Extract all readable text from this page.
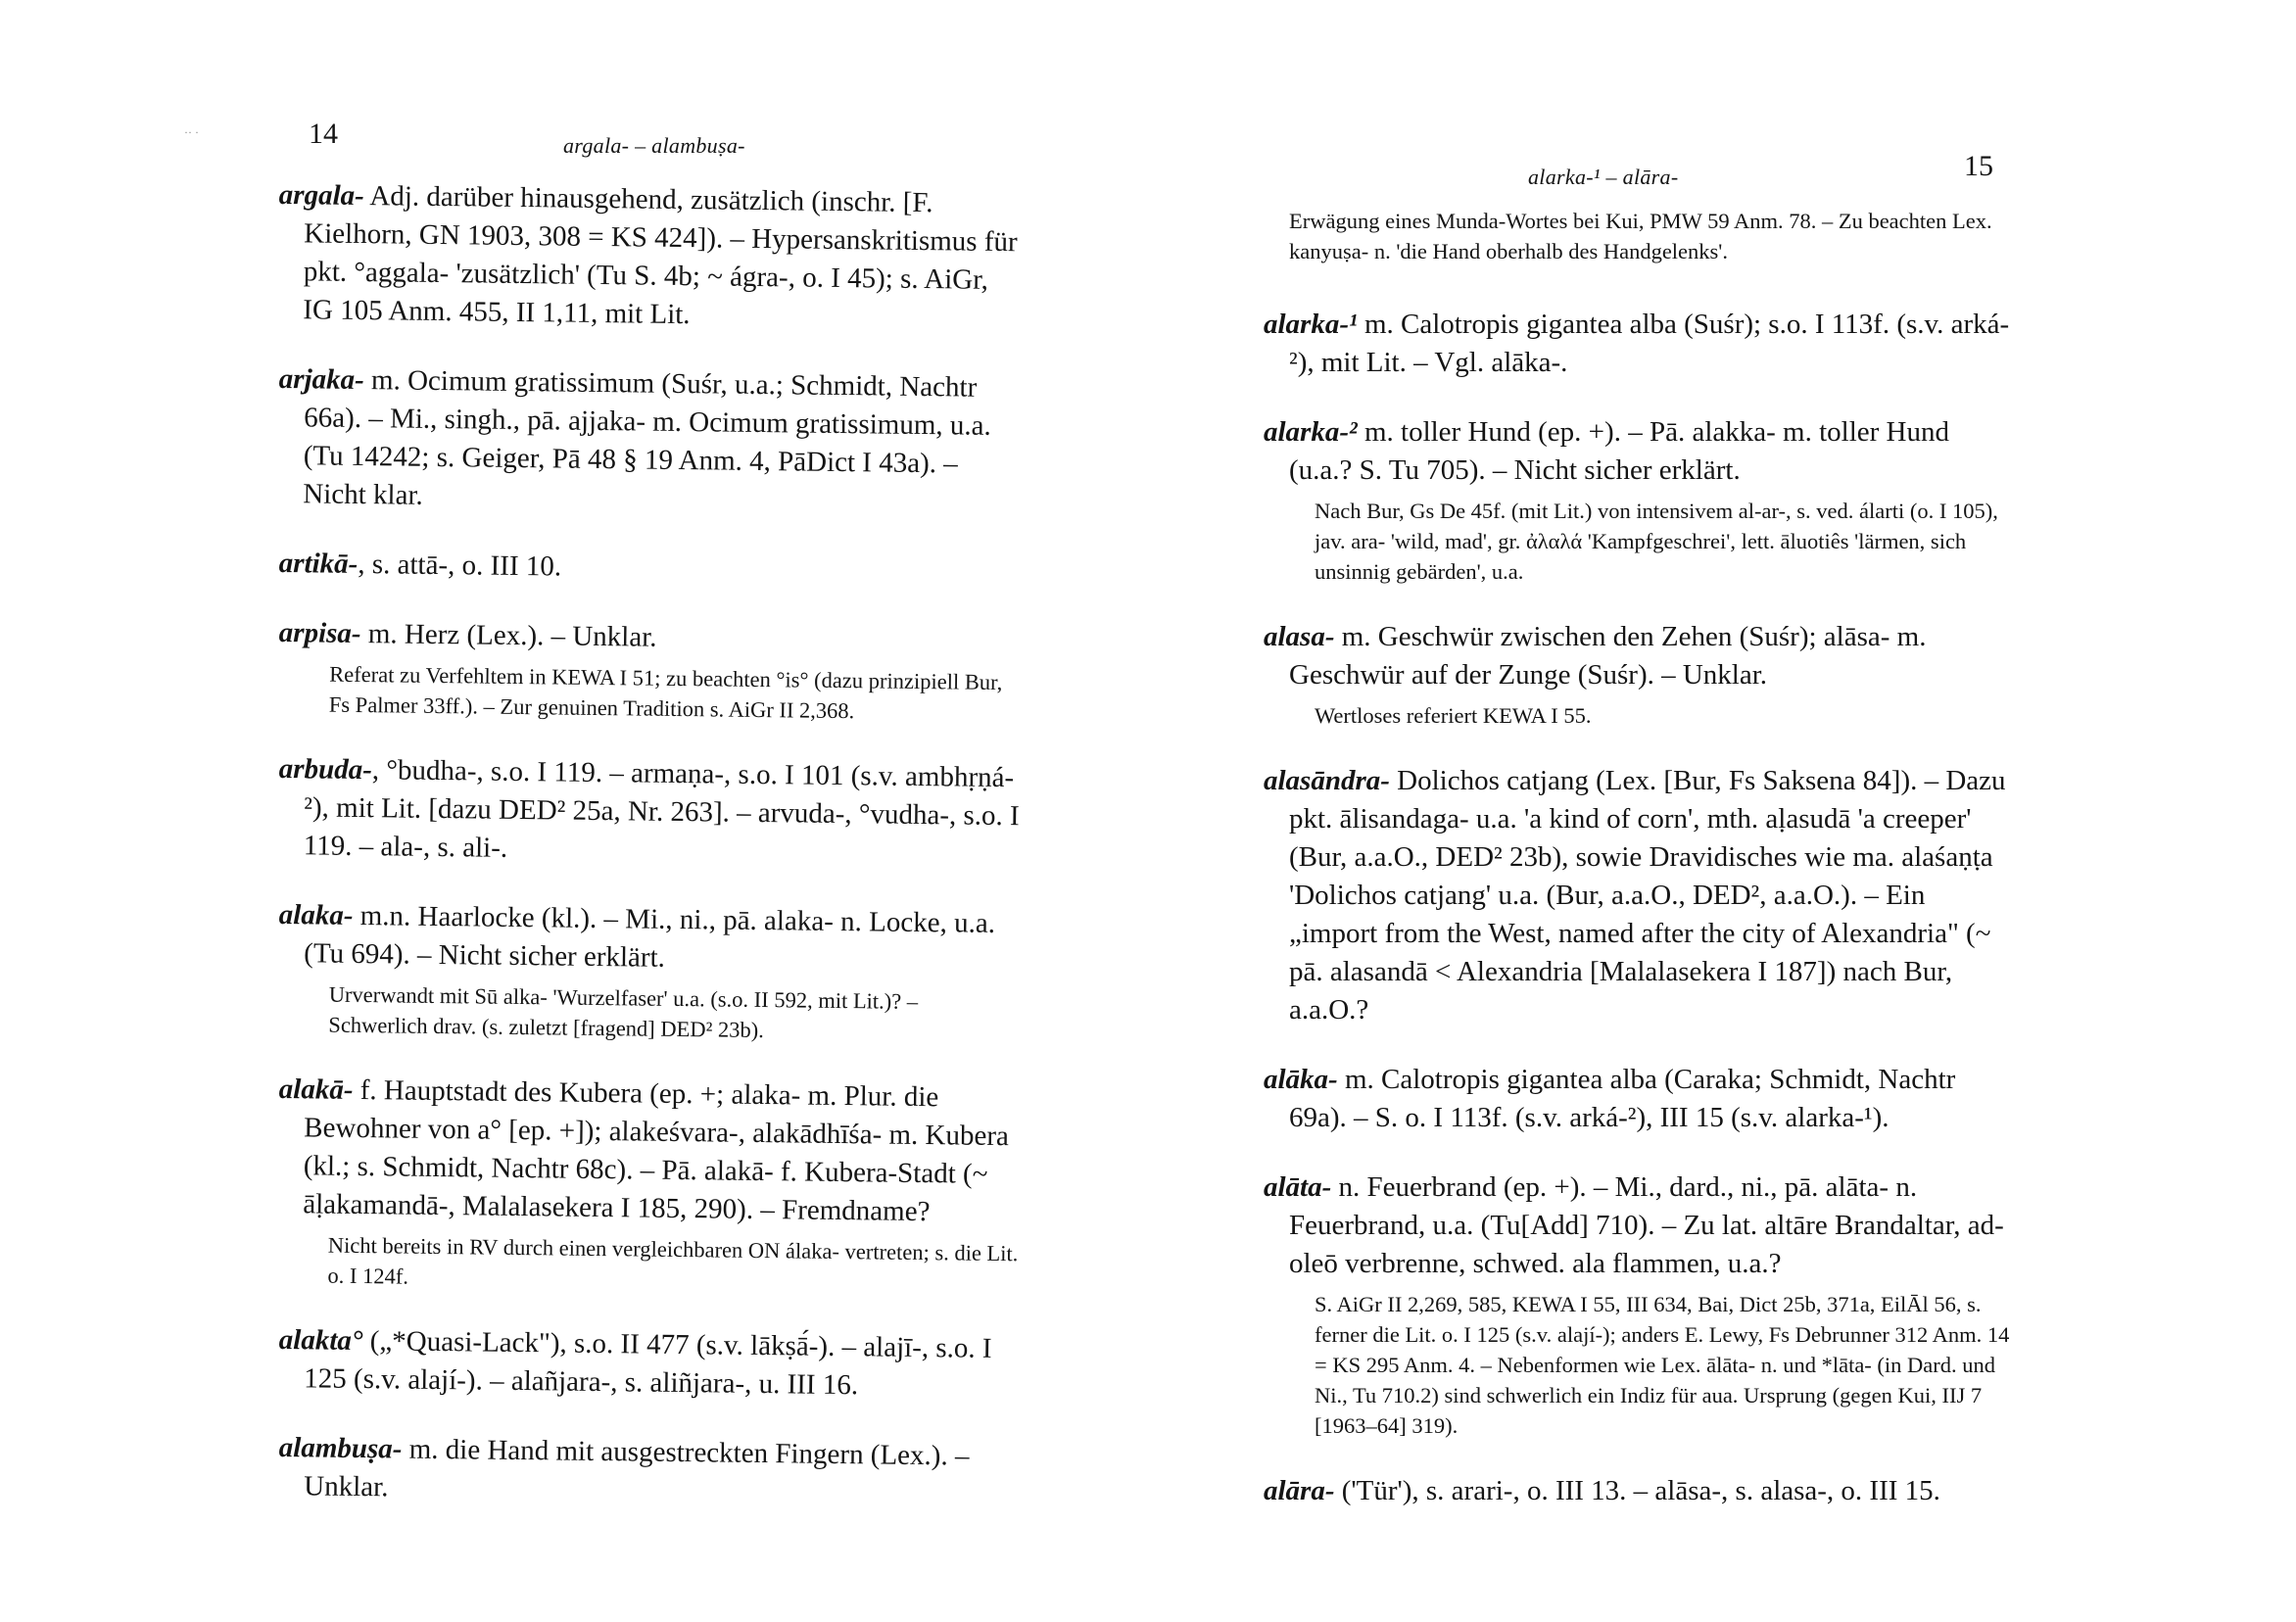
·· ·	14	argala- – alambuṣa-
argala- Adj. darüber hinausgehend, zusätzlich (inschr. [F. Kielhorn, GN 1903, 308 = KS 424]). – Hypersanskritismus für pkt. °aggala- 'zusätzlich' (Tu S. 4b; ~ ágra-, o. I 45); s. AiGr, IG 105 Anm. 455, II 1,11, mit Lit.
arjaka- m. Ocimum gratissimum (Suśr, u.a.; Schmidt, Nachtr 66a). – Mi., singh., pā. ajjaka- m. Ocimum gratissimum, u.a. (Tu 14242; s. Geiger, Pā 48 § 19 Anm. 4, PāDict I 43a). – Nicht klar.
artikā-, s. attā-, o. III 10.
arpisa- m. Herz (Lex.). – Unklar.
Referat zu Verfehltem in KEWA I 51; zu beachten °is° (dazu prinzipiell Bur, Fs Palmer 33ff.). – Zur genuinen Tradition s. AiGr II 2,368.
arbuda-, °budha-, s.o. I 119. – armaṇa-, s.o. I 101 (s.v. ambhṛṇá-²), mit Lit. [dazu DED² 25a, Nr. 263]. – arvuda-, °vudha-, s.o. I 119. – ala-, s. ali-.
alaka- m.n. Haarlocke (kl.). – Mi., ni., pā. alaka- n. Locke, u.a. (Tu 694). – Nicht sicher erklärt.
Urverwandt mit Sū alka- 'Wurzelfaser' u.a. (s.o. II 592, mit Lit.)? – Schwerlich drav. (s. zuletzt [fragend] DED² 23b).
alakā- f. Hauptstadt des Kubera (ep. +; alaka- m. Plur. die Bewohner von a° [ep. +]); alakeśvara-, alakādhīśa- m. Kubera (kl.; s. Schmidt, Nachtr 68c). – Pā. alakā- f. Kubera-Stadt (~ āḷakamandā-, Malalasekera I 185, 290). – Fremdname?
Nicht bereits in RV durch einen vergleichbaren ON álaka- vertreten; s. die Lit. o. I 124f.
alakta° („*Quasi-Lack"), s.o. II 477 (s.v. lākṣā́-). – alajī-, s.o. I 125 (s.v. alají-). – alañjara-, s. aliñjara-, u. III 16.
alambuṣa- m. die Hand mit ausgestreckten Fingern (Lex.). – Unklar.
alarka-¹ – alāra-	15
Erwägung eines Munda-Wortes bei Kui, PMW 59 Anm. 78. – Zu beachten Lex. kanyuṣa- n. 'die Hand oberhalb des Handgelenks'.
alarka-¹ m. Calotropis gigantea alba (Suśr); s.o. I 113f. (s.v. arká-²), mit Lit. – Vgl. alāka-.
alarka-² m. toller Hund (ep. +). – Pā. alakka- m. toller Hund (u.a.? S. Tu 705). – Nicht sicher erklärt.
Nach Bur, Gs De 45f. (mit Lit.) von intensivem al-ar-, s. ved. álarti (o. I 105), jav. ara- 'wild, mad', gr. ἀλαλά 'Kampfgeschrei', lett. āluotiês 'lärmen, sich unsinnig gebärden', u.a.
alasa- m. Geschwür zwischen den Zehen (Suśr); alāsa- m. Geschwür auf der Zunge (Suśr). – Unklar.
Wertloses referiert KEWA I 55.
alasāndra- Dolichos catjang (Lex. [Bur, Fs Saksena 84]). – Dazu pkt. ālisandaga- u.a. 'a kind of corn', mth. aḷasudā 'a creeper' (Bur, a.a.O., DED² 23b), sowie Dravidisches wie ma. alaśaṇṭa 'Dolichos catjang' u.a. (Bur, a.a.O., DED², a.a.O.). – Ein „import from the West, named after the city of Alexandria" (~ pā. alasandā < Alexandria [Malalasekera I 187]) nach Bur, a.a.O.?
alāka- m. Calotropis gigantea alba (Caraka; Schmidt, Nachtr 69a). – S. o. I 113f. (s.v. arká-²), III 15 (s.v. alarka-¹).
alāta- n. Feuerbrand (ep. +). – Mi., dard., ni., pā. alāta- n. Feuerbrand, u.a. (Tu[Add] 710). – Zu lat. altāre Brandaltar, ad-oleō verbrenne, schwed. ala flammen, u.a.?
S. AiGr II 2,269, 585, KEWA I 55, III 634, Bai, Dict 25b, 371a, EilĀl 56, s. ferner die Lit. o. I 125 (s.v. alají-); anders E. Lewy, Fs Debrunner 312 Anm. 14 = KS 295 Anm. 4. – Nebenformen wie Lex. ālāta- n. und *lāta- (in Dard. und Ni., Tu 710.2) sind schwerlich ein Indiz für aua. Ursprung (gegen Kui, IIJ 7 [1963–64] 319).
alāra- ('Tür'), s. arari-, o. III 13. – alāsa-, s. alasa-, o. III 15.
